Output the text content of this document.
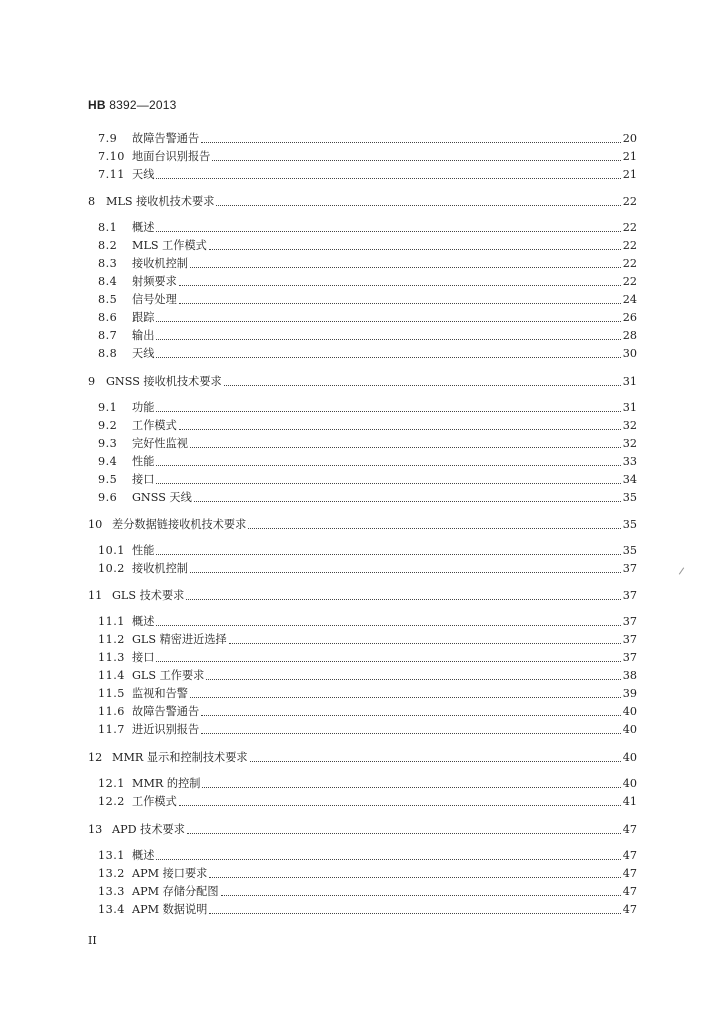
HB 8392—2013
7.9	故障告警通告	20
7.10 地面台识别报告	21
7.11 天线	21
8 MLS 接收机技术要求	22
8.1	概述	22
8.2	MLS 工作模式	22
8.3	接收机控制	22
8.4	射频要求	22
8.5	信号处理	24
8.6	跟踪	26
8.7	输出	28
8.8	天线	30
9 GNSS 接收机技术要求	31
9.1	功能	31
9.2	工作模式	32
9.3	完好性监视	32
9.4	性能	33
9.5	接口	34
9.6	GNSS 天线	35
10 差分数据链接收机技术要求	35
10.1 性能	35
10.2 接收机控制	37
11 GLS 技术要求	37
11.1 概述	37
11.2 GLS 精密进近选择	37
11.3 接口	37
11.4 GLS 工作要求	38
11.5 监视和告警	39
11.6 故障告警通告	40
11.7 进近识别报告	40
12 MMR 显示和控制技术要求	40
12.1 MMR 的控制	40
12.2 工作模式	41
13 APD 技术要求	47
13.1 概述	47
13.2 APM 接口要求	47
13.3 APM 存储分配图	47
13.4 APM 数据说明	47
II
